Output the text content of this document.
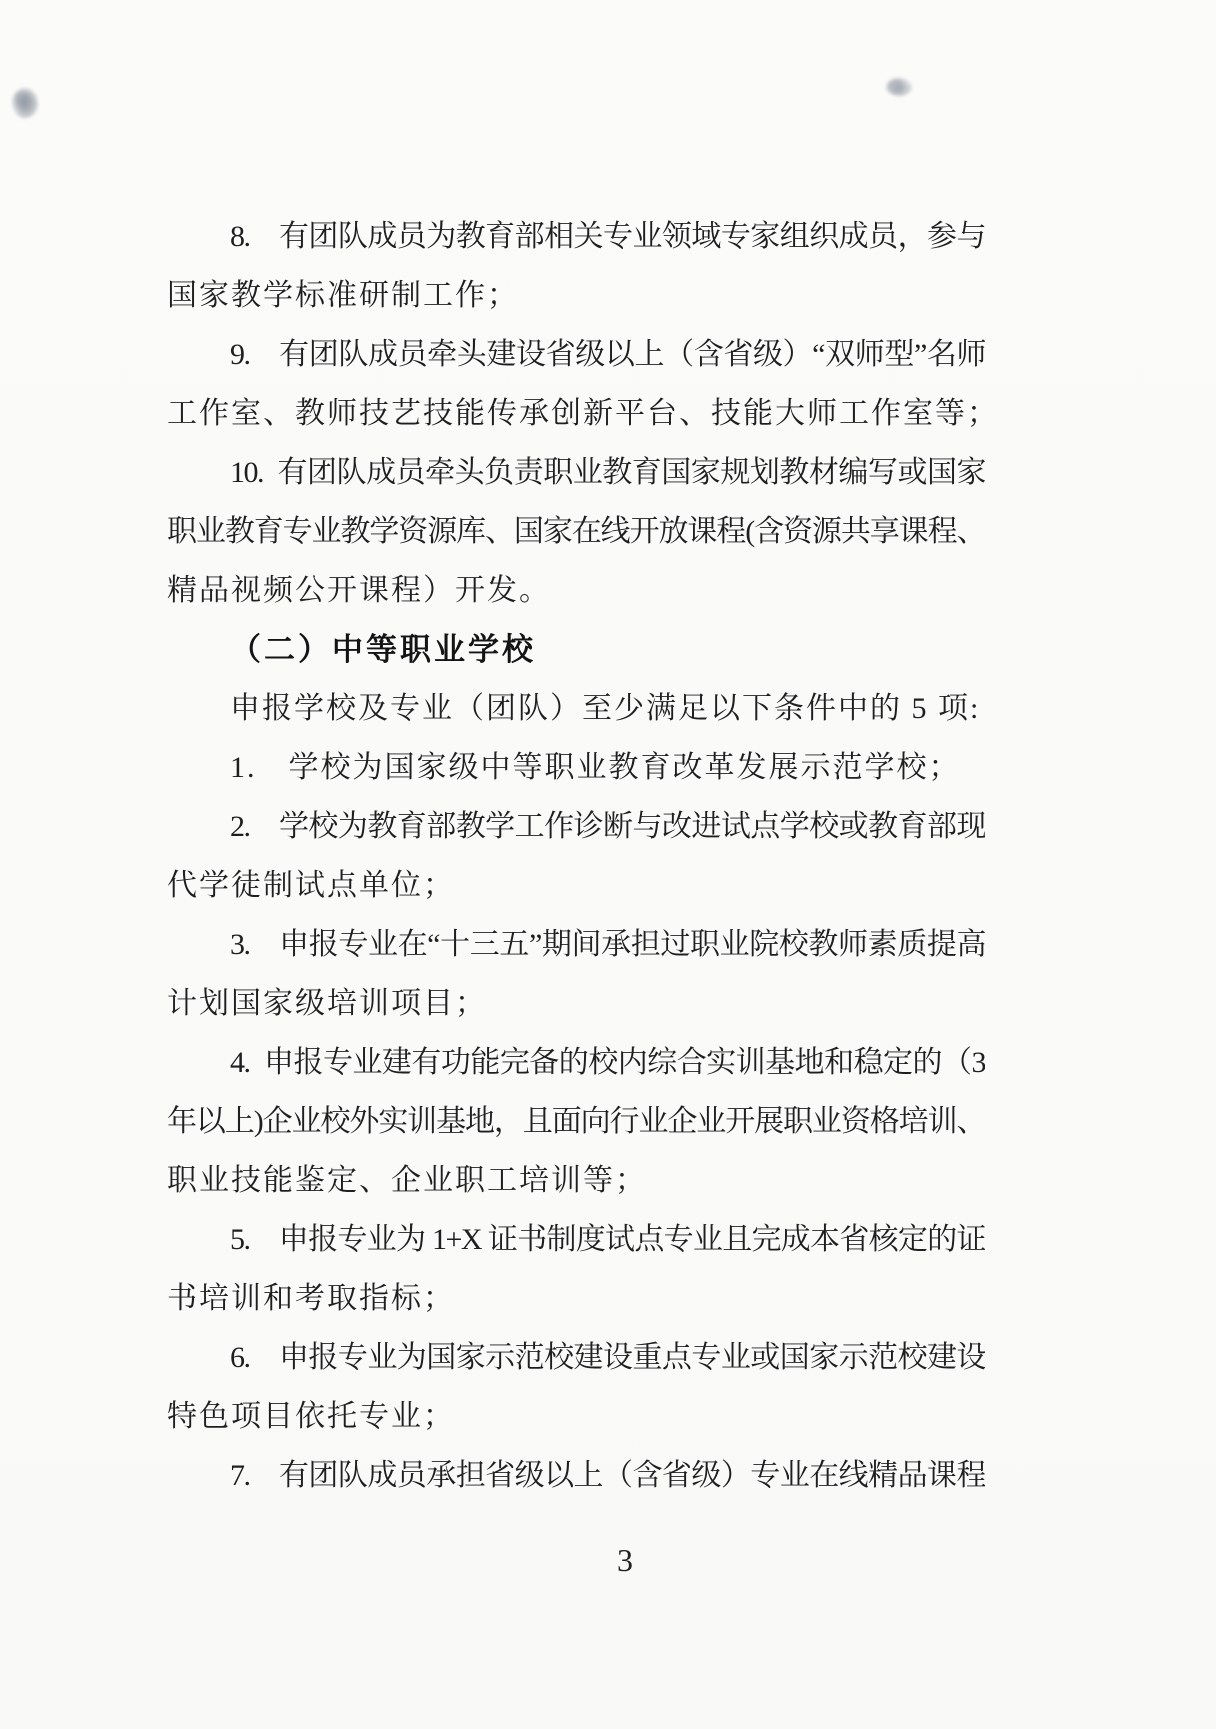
8. 有团队成员为教育部相关专业领域专家组织成员，参与
国家教学标准研制工作；
9. 有团队成员牵头建设省级以上（含省级）“双师型”名师
工作室、教师技艺技能传承创新平台、技能大师工作室等；
10. 有团队成员牵头负责职业教育国家规划教材编写或国家
职业教育专业教学资源库、国家在线开放课程(含资源共享课程、
精品视频公开课程）开发。
（二）中等职业学校
申报学校及专业（团队）至少满足以下条件中的 5 项:
1. 学校为国家级中等职业教育改革发展示范学校；
2. 学校为教育部教学工作诊断与改进试点学校或教育部现
代学徒制试点单位；
3. 申报专业在“十三五”期间承担过职业院校教师素质提高
计划国家级培训项目；
4. 申报专业建有功能完备的校内综合实训基地和稳定的（3
年以上)企业校外实训基地，且面向行业企业开展职业资格培训、
职业技能鉴定、企业职工培训等；
5. 申报专业为 1+X 证书制度试点专业且完成本省核定的证
书培训和考取指标；
6. 申报专业为国家示范校建设重点专业或国家示范校建设
特色项目依托专业；
7. 有团队成员承担省级以上（含省级）专业在线精品课程
3
